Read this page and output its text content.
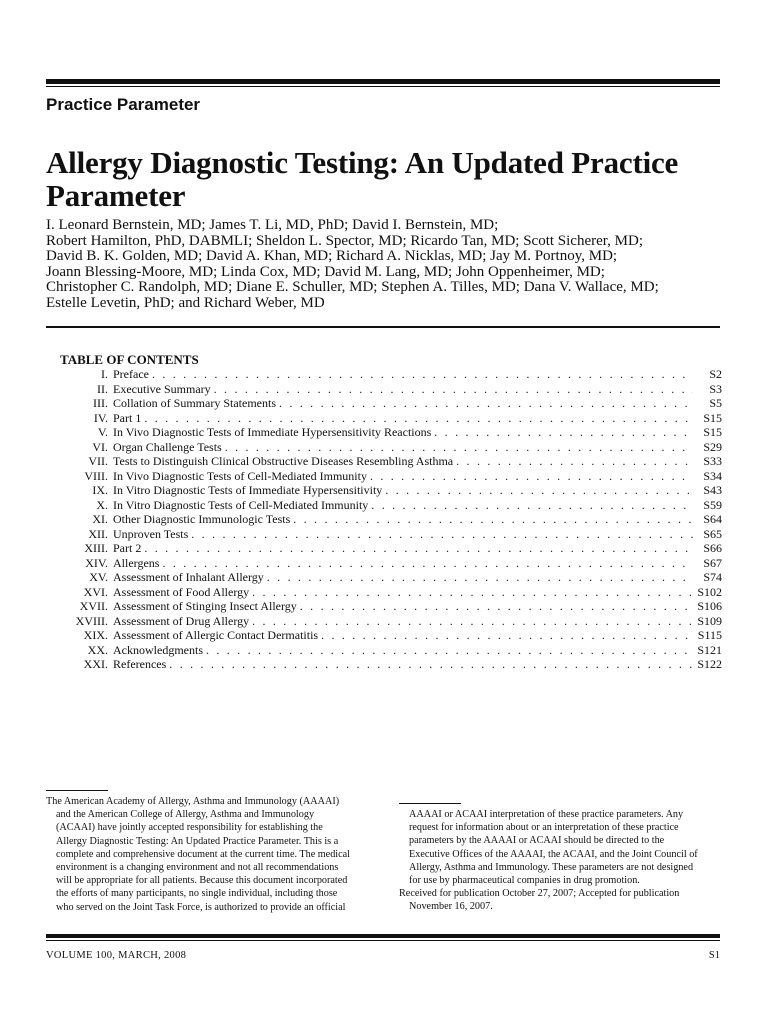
Practice Parameter
Allergy Diagnostic Testing: An Updated Practice Parameter
I. Leonard Bernstein, MD; James T. Li, MD, PhD; David I. Bernstein, MD;
Robert Hamilton, PhD, DABMLI; Sheldon L. Spector, MD; Ricardo Tan, MD; Scott Sicherer, MD;
David B. K. Golden, MD; David A. Khan, MD; Richard A. Nicklas, MD; Jay M. Portnoy, MD;
Joann Blessing-Moore, MD; Linda Cox, MD; David M. Lang, MD; John Oppenheimer, MD;
Christopher C. Randolph, MD; Diane E. Schuller, MD; Stephen A. Tilles, MD; Dana V. Wallace, MD;
Estelle Levetin, PhD; and Richard Weber, MD
TABLE OF CONTENTS
I. Preface . . .	S2
II. Executive Summary . . .	S3
III. Collation of Summary Statements . . .	S5
IV. Part 1 . . .	S15
V. In Vivo Diagnostic Tests of Immediate Hypersensitivity Reactions . . .	S15
VI. Organ Challenge Tests . . .	S29
VII. Tests to Distinguish Clinical Obstructive Diseases Resembling Asthma . . .	S33
VIII. In Vivo Diagnostic Tests of Cell-Mediated Immunity . . .	S34
IX. In Vitro Diagnostic Tests of Immediate Hypersensitivity . . .	S43
X. In Vitro Diagnostic Tests of Cell-Mediated Immunity . . .	S59
XI. Other Diagnostic Immunologic Tests . . .	S64
XII. Unproven Tests . . .	S65
XIII. Part 2 . . .	S66
XIV. Allergens . . .	S67
XV. Assessment of Inhalant Allergy . . .	S74
XVI. Assessment of Food Allergy . . .	S102
XVII. Assessment of Stinging Insect Allergy . . .	S106
XVIII. Assessment of Drug Allergy . . .	S109
XIX. Assessment of Allergic Contact Dermatitis . . .	S115
XX. Acknowledgments . . .	S121
XXI. References . . .	S122
The American Academy of Allergy, Asthma and Immunology (AAAAI)
and the American College of Allergy, Asthma and Immunology
(ACAAI) have jointly accepted responsibility for establishing the
Allergy Diagnostic Testing: An Updated Practice Parameter. This is a
complete and comprehensive document at the current time. The medical
environment is a changing environment and not all recommendations
will be appropriate for all patients. Because this document incorporated
the efforts of many participants, no single individual, including those
who served on the Joint Task Force, is authorized to provide an official
AAAAI or ACAAI interpretation of these practice parameters. Any
request for information about or an interpretation of these practice
parameters by the AAAAI or ACAAI should be directed to the
Executive Offices of the AAAAI, the ACAAI, and the Joint Council of
Allergy, Asthma and Immunology. These parameters are not designed
for use by pharmaceutical companies in drug promotion.
Received for publication October 27, 2007; Accepted for publication
November 16, 2007.
VOLUME 100, MARCH, 2008	S1
